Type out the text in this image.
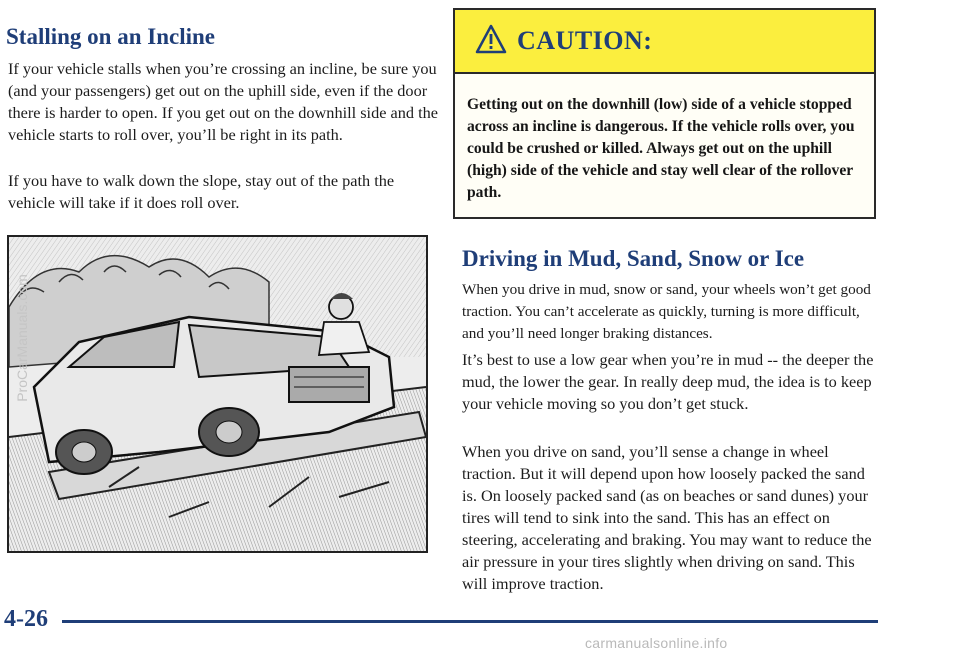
Stalling on an Incline

If your vehicle stalls when you’re crossing an incline, be sure you (and your passengers) get out on the uphill side, even if the door there is harder to open. If you get out on the downhill side and the vehicle starts to roll over, you’ll be right in its path.

If you have to walk down the slope, stay out of the path the vehicle will take if it does roll over.

CAUTION:

Getting out on the downhill (low) side of a vehicle stopped across an incline is dangerous. If the vehicle rolls over, you could be crushed or killed. Always get out on the uphill (high) side of the vehicle and stay well clear of the rollover path.

Driving in Mud, Sand, Snow or Ice

When you drive in mud, snow or sand, your wheels won’t get good traction. You can’t accelerate as quickly, turning is more difficult, and you’ll need longer braking distances.

It’s best to use a low gear when you’re in mud -- the deeper the mud, the lower the gear. In really deep mud, the idea is to keep your vehicle moving so you don’t get stuck.

When you drive on sand, you’ll sense a change in wheel traction. But it will depend upon how loosely packed the sand is. On loosely packed sand (as on beaches or sand dunes) your tires will tend to sink into the sand. This has an effect on steering, accelerating and braking. You may want to reduce the air pressure in your tires slightly when driving on sand. This will improve traction.

4-26
carmanualsonline.info
ProCarManuals.com
